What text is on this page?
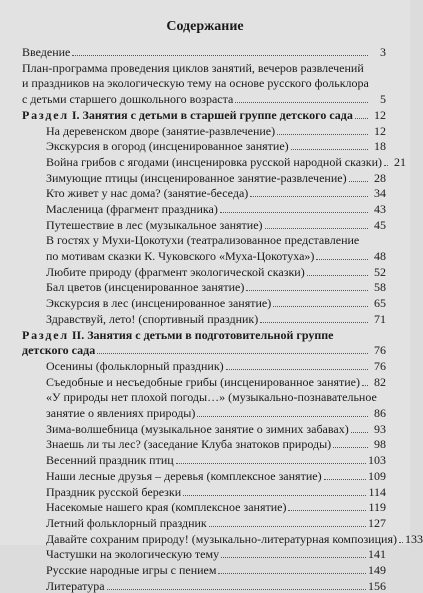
Содержание
Введение	3
План-программа проведения циклов занятий, вечеров развлечений
и праздников на экологическую тему на основе русского фольклора
с детьми старшего дошкольного возраста	5
Раздел I. Занятия с детьми в старшей группе детского сада	12
На деревенском дворе (занятие-развлечение)	12
Экскурсия в огород (инсценированное занятие)	18
Война грибов с ягодами (инсценировка русской народной сказки)	21
Зимующие птицы (инсценированное занятие-развлечение)	28
Кто живет у нас дома? (занятие-беседа)	34
Масленица (фрагмент праздника)	43
Путешествие в лес (музыкальное занятие)	45
В гостях у Мухи-Цокотухи (театрализованное представление
по мотивам сказки К. Чуковского «Муха-Цокотуха»)	48
Любите природу (фрагмент экологической сказки)	52
Бал цветов (инсценированное занятие)	58
Экскурсия в лес (инсценированное занятие)	65
Здравствуй, лето! (спортивный праздник)	71
Раздел II. Занятия с детьми в подготовительной группе
детского сада	76
Осенины (фольклорный праздник)	76
Съедобные и несъедобные грибы (инсценированное занятие)	82
«У природы нет плохой погоды…» (музыкально-познавательное
занятие о явлениях природы)	86
Зима-волшебница (музыкальное занятие о зимних забавах)	93
Знаешь ли ты лес? (заседание Клуба знатоков природы)	98
Весенний праздник птиц	103
Наши лесные друзья – деревья (комплексное занятие)	109
Праздник русской березки	114
Насекомые нашего края (комплексное занятие)	119
Летний фольклорный праздник	127
Давайте сохраним природу! (музыкально-литературная композиция) 133
Частушки на экологическую тему	141
Русские народные игры с пением	149
Литература	156
